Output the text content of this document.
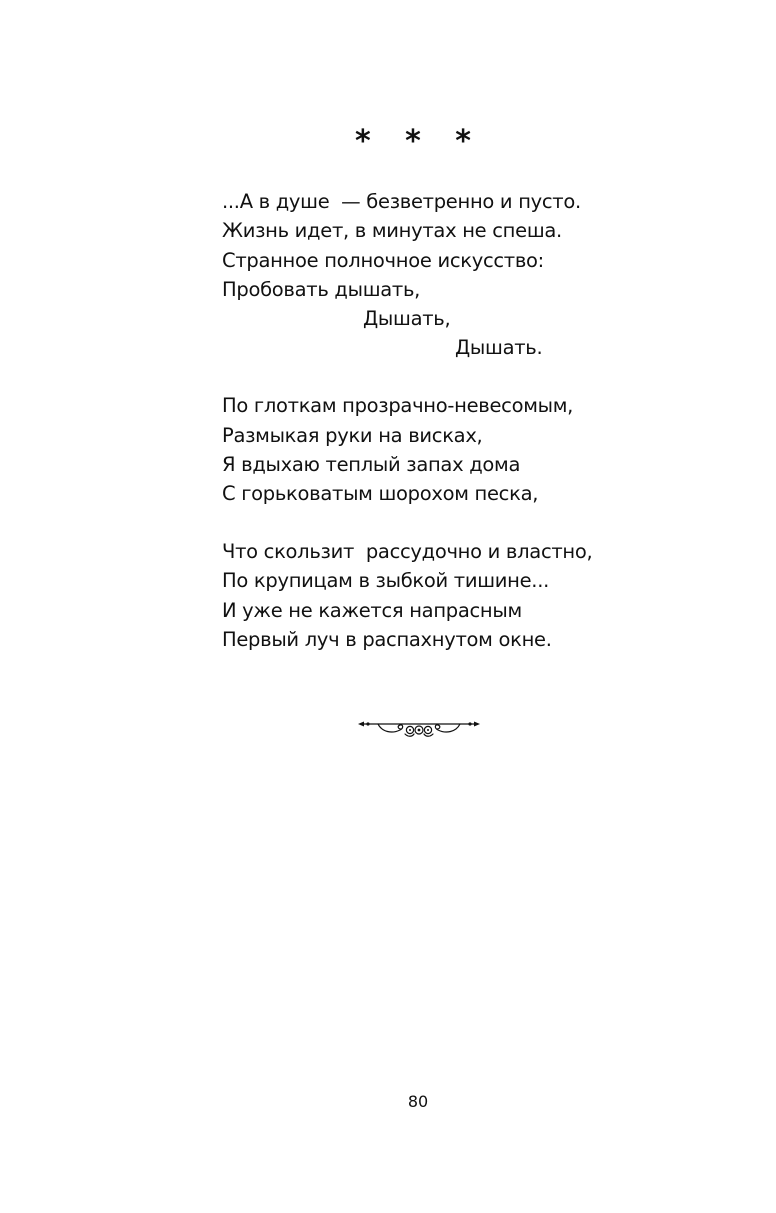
* * *
...А в душе  — безветренно и пусто.
Жизнь идет, в минутах не спеша.
Странное полночное искусство:
Пробовать дышать,
Дышать,
Дышать.
По глоткам прозрачно-невесомым,
Размыкая руки на висках,
Я вдыхаю теплый запах дома
С горьковатым шорохом песка,
Что скользит  рассудочно и властно,
По крупицам в зыбкой тишине...
И уже не кажется напрасным
Первый луч в распахнутом окне.
80
